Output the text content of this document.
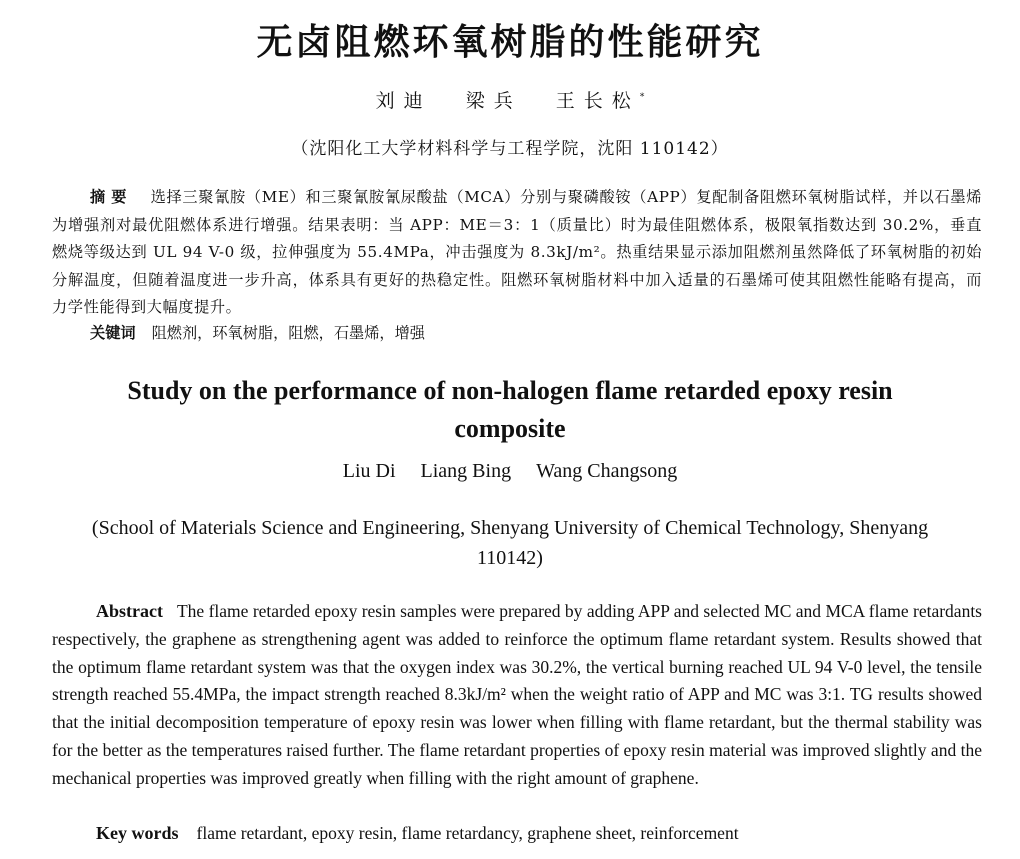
无卤阻燃环氧树脂的性能研究
刘迪 梁兵 王长松*
（沈阳化工大学材料科学与工程学院，沈阳 110142）
摘要 选择三聚氰胺（ME）和三聚氰胺氰尿酸盐（MCA）分别与聚磷酸铵（APP）复配制备阻燃环氧树脂试样，并以石墨烯为增强剂对最优阻燃体系进行增强。结果表明：当 APP：ME＝3：1（质量比）时为最佳阻燃体系，极限氧指数达到 30.2%，垂直燃烧等级达到 UL 94 V-0 级，拉伸强度为 55.4MPa，冲击强度为 8.3kJ/m²。热重结果显示添加阻燃剂虽然降低了环氧树脂的初始分解温度，但随着温度进一步升高，体系具有更好的热稳定性。阻燃环氧树脂材料中加入适量的石墨烯可使其阻燃性能略有提高，而力学性能得到大幅度提升。
关键词 阻燃剂，环氧树脂，阻燃，石墨烯，增强
Study on the performance of non-halogen flame retarded epoxy resin composite
Liu Di Liang Bing Wang Changsong
(School of Materials Science and Engineering, Shenyang University of Chemical Technology, Shenyang 110142)
Abstract The flame retarded epoxy resin samples were prepared by adding APP and selected MC and MCA flame retardants respectively, the graphene as strengthening agent was added to reinforce the optimum flame retardant system. Results showed that the optimum flame retardant system was that the oxygen index was 30.2%, the vertical burning reached UL 94 V-0 level, the tensile strength reached 55.4MPa, the impact strength reached 8.3kJ/m² when the weight ratio of APP and MC was 3:1. TG results showed that the initial decomposition temperature of epoxy resin was lower when filling with flame retardant, but the thermal stability was for the better as the temperatures raised further. The flame retardant properties of epoxy resin material was improved slightly and the mechanical properties was improved greatly when filling with the right amount of graphene.
Key words flame retardant, epoxy resin, flame retardancy, graphene sheet, reinforcement
